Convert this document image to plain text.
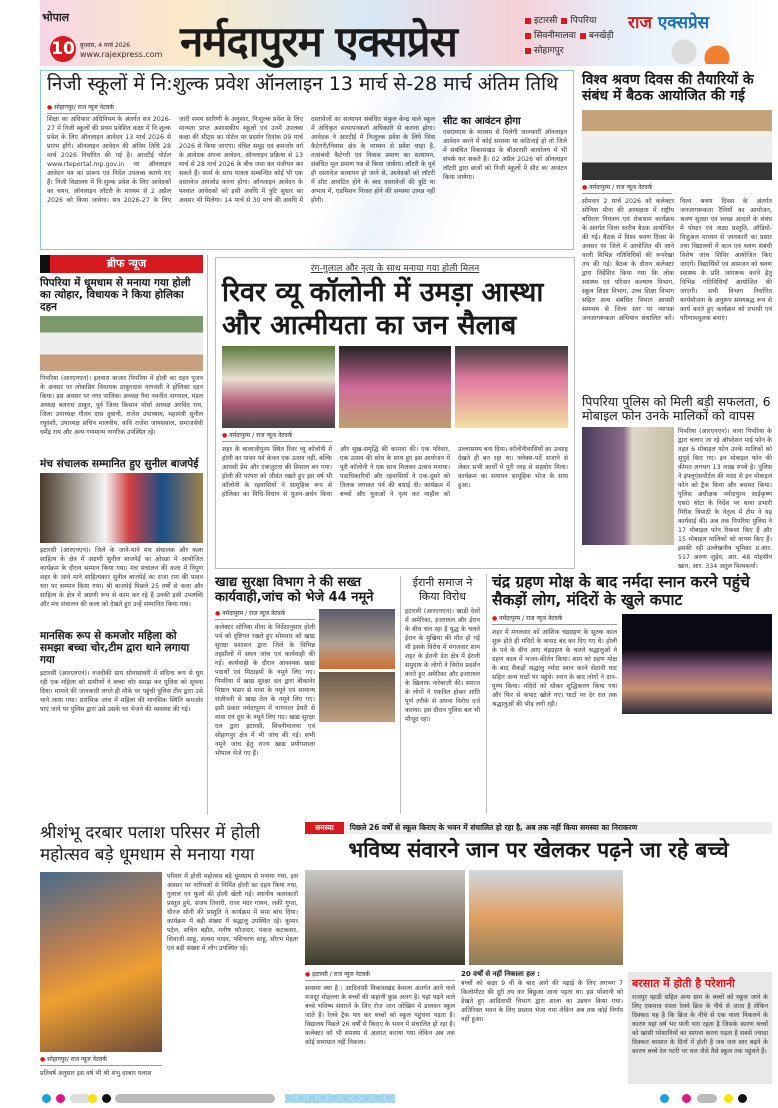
भोपाल
10 बुधवार, 4 मार्च 2026
www.rajexpress.com नर्मदापुरम एक्सप्रेस	इटारसी पिपरिया
सिवनीमालवा बनखेड़ी
सोहागपुर
राज एक्सप्रेस
निजी स्कूलों में नि:शुल्क प्रवेश ऑनलाइन 13 मार्च से-28 मार्च अंतिम तिथि
● सोहागपुर/ राज न्यूज नेटवर्क
शिक्षा का अधिकार अधिनियम के अंतर्गत सत्र 2026-27 में निजी स्कूलों की प्रथम प्रवेशित कक्षा में नि:शुल्क प्रवेश के लिए ऑनलाइन आवेदन 13 मार्च 2026 से प्रारंभ होंगे। ऑनलाइन आवेदन की अंतिम तिथि 28 मार्च 2026 निर्धारित की गई है। आरटीई पोर्टल www.rteportal.mp.gov.in पर ऑनलाइन आवेदन पत्र का प्रारूप एवं निर्देश उपलब्ध कराये गए हैं। निजी विद्यालय में नि:शुल्क प्रवेश के लिए आवेदकों का चयन, ऑनलाइन लॉटरी के माध्यम से 2 अप्रैल 2026 को किया जावेगा। सत्र 2026-27 के लिए जारी समय सारिणी के अनुसार, निःशुल्क प्रवेश के लिए मान्यता प्राप्त अशासकीय स्कूलों एवं उनमें उपलब्ध कक्षा की सीट्स का पोर्टल पर प्रदर्शन दिनांक 09 मार्च 2026 से किया जाएगा। वंचित समूह एवं कमजोर वर्ग के आवेदक अपना आवेदन, ऑनलाइन प्रक्रिया से 13 मार्च से 28 मार्च 2026 के बीच जमा कर पंजीयन कर सकते हैं। फार्म के साथ पात्रता सम्बन्धित कोई भी एक दस्तावेज अपलोड करना होगा। ऑनलाइन आवेदन के पश्चात आवेदकों को इसी अवधि में त्रुटि सुधार का अवसर भी मिलेगा। 14 मार्च से 30 मार्च की अवधि में दस्तावेजों का सत्यापन संबंधित संकुल केन्द्र वाले स्कूल में अधिकृत सत्यापनकर्ता अधिकारी से कराना होगा। आवेदक ने आरटीई में निःशुल्क प्रवेश के लिये जिस कैटेगरी/निवास क्षेत्र के माध्यम से प्रवेश चाहा है, तत्संबंधी कैटेगरी एवं निवास प्रमाण का सत्यापन, संबंधित मूल प्रमाण पत्र से किया जायेगा। लॉटरी के पूर्व ही दस्तावेज सत्यापन हो जाने से, आवेदकों को लॉटरी में सीट आवंटित होने के बाद दस्तावेजों की त्रुटि या अभाव में, एडमिशन निरस्त होने की समस्या उत्पन्न नहीं होगी।
सीट का आवंटन होगा
एसएमएस के माध्यम से मिलेगी जानकारी ऑनलाइन आवेदन करने में कोई समस्या या कठिनाई हो तो जिले में संबंधित विकासखंड के बीआरसी कार्यालय में भी संपर्क कर सकते हैं। 02 अप्रैल 2026 को ऑनलाइन लॉटरी द्वारा छात्रों को निजी स्कूलों में सीट का आवंटन किया जायेगा।
विश्व श्रवण दिवस की तैयारियों के संबंध में बैठक आयोजित की गई
● नर्मदापुरम / राज न्यूज नेटवर्क
सोमवार 2 मार्च 2026 को कलेक्टर सोनिया मीना की अध्यक्षता में राष्ट्रीय बधिरता नियंत्रण एवं रोकथाम कार्यक्रम के अंतर्गत जिला स्तरीय बैठक आयोजित की गई। बैठक में विश्व श्रवण दिवस के अवसर पर जिले में आयोजित की जाने वाली विभिन्न गतिविधियों की रूपरेखा तय की गई। बैठक के दौरान कलेक्टर द्वारा निर्देशित किया गया कि लोक स्वास्थ्य एवं परिवार कल्याण विभाग, स्कूल शिक्षा विभाग, उच्च शिक्षा विभाग सहित अन्य संबंधित विभाग आपसी समन्वय से जिला स्तर पर व्यापक जनजागरूकता अभियान संचालित करें। विश्व श्रवण दिवस के अंतर्गत जनजागरूकता रैलियों का आयोजन, श्रवण सुरक्षा एवं स्वच्छ आदतों के संबंध में पोस्टर एवं नाट्य प्रस्तुति, ऑडियो-विजुअल माध्यम से जानकारी का प्रसार तथा विद्यालयों में कान एवं श्रवण संबंधी विशेष जांच शिविर आयोजित किए जाएंगे। विद्यार्थियों एवं आमजन को श्रवण स्वास्थ्य के प्रति जागरूक करने हेतु विभिन्न गतिविधियाँ आयोजित की जाएंगी। सभी विभाग निर्धारित कार्ययोजना के अनुरूप समयबद्ध रूप से कार्य करते हुए कार्यक्रम को प्रभावी एवं परिणाममूलक बनाएं।
ब्रीफ न्यूज
पिपरिया में धूमधाम से मनाया गया होली का त्योहार, विधायक ने किया होलिका दहन
पिपरिया (आरएनएन)। इतवारा बाजार पिपरिया में होली का दहन पूजन के अवसर पर लोकप्रिय विधायक ठाकुरदास नागवंशी ने होलिका दहन किया। इस अवसर पर नगर पालिका अध्यक्ष नैना नवनीत नागपाल, मंडल अध्यक्ष बलराम ठाकुर, पूर्व जिला किसान मोर्चा अध्यक्ष अरविंद राय, जिला उपाध्यक्ष गौतम दास दुबानी, राजेश उपाध्याय, महामंत्री सुनील रघुवंशी, उपाध्यक्ष सचिन मालवीय, कवि राजेश जायसवाल, समाजसेवी धर्मेंद्र राय और अन्य गणमान्य नागरिक उपस्थित रहे।
मंच संचालक सम्मानित हुए सुनील बाजपेई
इटारसी (आरएनएन)। जिले के जाने-माने मंच संचालक और कला साहित्य के क्षेत्र में अग्रणी सुनील बाजपेई का ओरछा में आयोजित कार्यक्रम के दौरान सम्मान किया गया। मंच संचालन की कला में निपुण शहर के जाने माने साहित्यकार सुनील बाजपेई का राजा राम की पावन धरा पर सम्मान किया गया। श्री बाजपेई पिछले 25 वर्षों से कला और साहित्य के क्षेत्र में अग्रणी रूप से काम कर रहे हैं उनकी इसी उपलब्धि और मंच संचालन की कला को देखते हुए उन्हें सम्मानित किया गया।
मानसिक रूप से कमजोर महिला को समझा बच्चा चोर,टीम द्वारा थाने लगाया गया
इटारसी (आरएनएन)। नजदीकी ग्राम सोनासांवरी में संदिग्ध रूप से घूम रही एक महिला को ग्रामीणों ने बच्चा चोर समझ कर पुलिस को सूचना दिया। मामले की जानकारी लगते ही मौके पर पहुंची पुलिस टीम द्वारा उसे थाने लाया गया। प्रारंभिक जांच में महिला की मानसिक स्थिति कमजोर पाए जाने पर पुलिस द्वारा उसे उसके घर भेजने की व्यवस्था की गई।
रंग-गुलाल और नृत्य के साथ मनाया गया होली मिलन
रिवर व्यू कॉलोनी में उमड़ा आस्था और आत्मीयता का जन सैलाब
● नर्मदापुरम / राज न्यूज नेटवर्क
शहर के बालाजीपुरम स्थित रिवर व्यू कॉलोनी में होली का पावन पर्व केवल एक उत्सव नहीं, बल्कि आपसी प्रेम और एकजुटता की मिसाल बन गया। होली की परंपरा को जीवंत रखते हुए इस वर्ष भी कॉलोनी के रहवासियों ने सामूहिक रूप से होलिका का विधि-विधान से पूजन-अर्चन किया और सुख-समृद्धि की कामना की। एक परिवार, एक उत्सव की सोच के साथ हुए इस आयोजन में पूरी कॉलोनी ने एक साथ मिलकर उत्सव मनाया। पदाधिकारियों और रहवासियों ने एक-दूसरे को तिलक लगाकर पर्व की बधाई दी। कार्यक्रम में बच्चों और युवाओं ने नृत्य कर माहौल को उल्लासमय बना दिया। कॉलोनीवासियों का उत्साह देखते ही बन रहा था। फ्लेक्स-पर्दे सजाने से लेकर सभी कार्यों में पूरी तरह से सहयोग मिला। कार्यक्रम का समापन सामूहिक भोज के साथ हुआ।
पिपरिया पुलिस को मिली बड़ी सफलता, 6 मोबाइल फोन उनके मालिकों को वापस
पिपरिया (आरएनएन)। थाना पिपरिया के द्वारा चलाए जा रहे ऑपरेशन माई फोन के तहत 6 मोबाइल फोन उनके मालिकों को सुपुर्द किए गए। इन मोबाइल फोन की कीमत लगभग 13 लाख रुपये है। पुलिस ने इंफ्लूएंसपोर्टल की मदद से इन मोबाइल फोन को ट्रैक किया और बरामद किया। पुलिस अधीक्षक नर्मदापुरम साईकृष्ण एस0 थोटा के निर्देश पर थाना प्रभारी गिरीश त्रिपाठी के नेतृत्व में टीम ने यह कार्यवाई की। अब तक पिपरिया पुलिस ने 17 मोबाइल फोन रिकवर किए हैं और 15 मोबाइल मालिकों को वापस किए हैं। इसकी रही उल्लेखनीय भूमिका प्र.आर. 517 अरुण जुड़ेव, आर. 48 मोहसीन खान, आर. 334 अतुल विश्वकर्मा।
खाद्य सुरक्षा विभाग ने की सख्त कार्यवाही,जांच को भेजे 44 नमूने
● नर्मदापुरम / राज न्यूज नेटवर्क
कलेक्टर सोनिया मीना के निर्देशानुसार होली पर्व को दृष्टिगत रखते हुए सोमवार को खाद्य सुरक्षा प्रशासन द्वारा जिले के विभिन्न तहसीलों में सघन जांच एवं कार्यवाही की गई। कार्यवाही के दौरान आवश्यक खाद्य पदार्थों एवं मिठाइयों के नमूने लिए गए। पिपरिया में खाद्य सुरक्षा दल द्वारा बीकानेर मिष्ठान भंडार से मावा के नमूने एवं सामान्य संजीवनी से खाद्य तेल के नमूने लिए गए। इसी प्रकार नर्मदापुरम में नागपाल डेयरी से मावा एवं दूध के नमूने लिए गए। खाद्य सुरक्षा दल द्वारा इटारसी, सिवनीमालवा एवं सोहागपुर क्षेत्र में भी जांच की गई। सभी नमूने जांच हेतु राज्य खाद्य प्रयोगशाला भोपाल भेजे गए हैं।
ईरानी समाज ने किया विरोध
इटारसी (आरएनएन)। खाड़ी देशों में अमेरिका, इजरायल और ईरान के बीच चल रहा है युद्ध के चलते ईरान के मुखिया की मौत हो गई थी इसके विरोध में मंगलवार शाम शहर के ईरानी डेरा क्षेत्र में ईरानी समुदाय के लोगों ने विरोध प्रदर्शन करते हुए अमेरिका और इजरायल के खिलाफ नारेबाजी की। समाज के लोगों ने एकत्रित होकर शांति पूर्ण तरीके से अपना विरोध दर्ज कराया। इस दौरान पुलिस बल भी मौजूद रहा।
चंद्र ग्रहण मोक्ष के बाद नर्मदा स्नान करने पहुंचे सैकड़ों लोग, मंदिरों के खुले कपाट
● नर्मदापुरम / राज न्यूज नेटवर्क
शहर में मंगलवार को आंशिक चंद्रग्रहण के सूतक काल शुरू होते ही मंदिरों के कपाट बंद कर दिए गए थे। होली के पर्व के बीच आए चंद्रग्रहण के चलते श्रद्धालुओं ने ग्रहण काल में भजन-कीर्तन किया। शाम को ग्रहण मोक्ष के बाद सैकड़ों श्रद्धालु नर्मदा स्नान करने सेठानी घाट सहित अन्य घाटों पर पहुंचे। स्नान के बाद लोगों ने दान-पुण्य किया। मंदिरों को धोकर शुद्धिकरण किया गया और फिर से कपाट खोले गए। घाटों पर देर रात तक श्रद्धालुओं की भीड़ लगी रही।
श्रीशंभू दरबार पलाश परिसर में होली महोत्सव बड़े धूमधाम से मनाया गया
● सोहागपुर/ राज न्यूज नेटवर्क
प्रतिवर्ष अनुसार इस वर्ष भी श्री शंभु दरबार पलाश
परिसर में होली महोत्सव बड़े धूमधाम से मनाया गया, इस अवसर पर नारियलों से निर्मित होली का दहन किया गया, गुलाल एवं फूलों की होली खेली गई। स्थानीय कलाकारों प्रस्तुत हुये, संजय तिवारी, राजा मंदर गायन, लकी गुप्ता, धीरज सोनी की प्रस्तुति ने कार्यक्रम में समा बांध दिया। कार्यक्रम में बड़ी संख्या में श्रद्धालु उपस्थित रहे। कुमार पटेल, सचिन बड़ौत, मनीष फौजदार, पंकज कटकवार, शिवाजी साहू, सत्यम यादव, पशिचरण साहू, सौरभ मेहता एवं बड़ी संख्या में लोग उपस्थित रहे।
समस्या	पिछले 26 वर्षों से स्कूल किराए के भवन में संचालित हो रहा है, अब तक नहीं किया समस्या का निराकरण
भविष्य संवारने जान पर खेलकर पढ़ने जा रहे बच्चे
● इटारसी / राज न्यूज नेटवर्क
समस्या क्या है : आदिवासी विकासखंड केसला अंतर्गत आने वाले मजदूर मोहल्ला के बच्चों की कहानी कुछ अलग है। यहां पढ़ने वाले बच्चे भविष्य संवारने के लिए रोज जान जोखिम में डालकर स्कूल जाते हैं। रेलवे ट्रैक पार कर बच्चों को स्कूल पहुंचना पड़ता है। विद्यालय पिछले 26 वर्षों से किराए के भवन में संचालित हो रहा है। कलेक्टर को भी समस्या से अवगत कराया गया लेकिन अब तक कोई समाधान नहीं निकला।
20 वर्षों से नहीं निकाला हल :
बच्चों को कक्षा 9 वीं के बाद आगे की पढ़ाई के लिए लगभग 7 किलोमीटर की दूरी तय कर बिछुआ जाना पड़ता था। इस परेशानी को देखते हुए आदिवासी विभाग द्वारा शाला का उन्नयन किया गया। अतिरिक्त भवन के लिए प्रस्ताव भेजा गया लेकिन अब तक कोई निर्णय नहीं हुआ।
बरसात में होती है परेशानी
राजपुर म्हाडी सहित अन्य ग्राम के बच्चों को स्कूल जाने के लिए एकमात्र रास्ता रेलवे ब्रिज के नीचे से जाता है लेकिन दिक्कत यह है कि ब्रिज के नीचे से एक नाला निकलने के कारण वहां वर्ष भर पानी भरा रहता है जिसके कारण बच्चों को खासी परेशानियों का सामना करना पड़ता है सबसे ज्यादा दिक्कत बरसात के दिनों में होती है जब जल स्तर बढ़ने के कारण बच्चे रेल पटरी पर चल जैसे तैसे स्कूल तक पहुंचते हैं।
